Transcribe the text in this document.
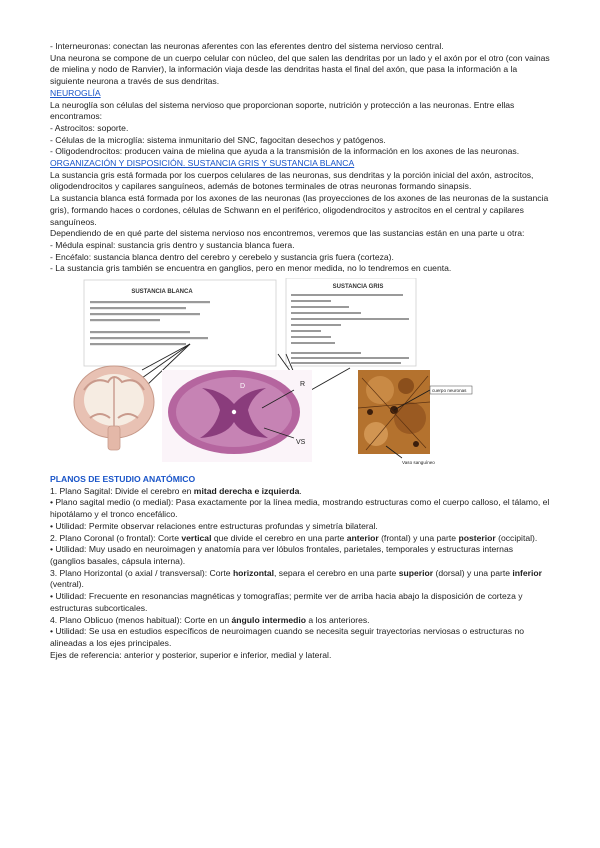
- Interneuronas: conectan las neuronas aferentes con las eferentes dentro del sistema nervioso central.

Una neurona se compone de un cuerpo celular con núcleo, del que salen las dendritas por un lado y el axón por el otro (con vainas de mielina y nodo de Ranvier), la información viaja desde las dendritas hasta el final del axón, que pasa la información a la siguiente neurona a través de sus dendritas.

NEUROGLÍA

La neuroglía son células del sistema nervioso que proporcionan soporte, nutrición y protección a las neuronas. Entre ellas encontramos:

- Astrocitos: soporte.

- Células de la microglía: sistema inmunitario del SNC, fagocitan desechos y patógenos.

- Oligodendrocitos: producen vaina de mielina que ayuda a la transmisión de la información en los axones de las neuronas.

ORGANIZACIÓN Y DISPOSICIÓN. SUSTANCIA GRIS Y SUSTANCIA BLANCA

La sustancia gris está formada por los cuerpos celulares de las neuronas, sus dendritas y la porción inicial del axón, astrocitos, oligodendrocitos y capilares sanguíneos, además de botones terminales de otras neuronas formando sinapsis.

La sustancia blanca está formada por los axones de las neuronas (las proyecciones de los axones de las neuronas de la sustancia gris), formando haces o cordones, células de Schwann en el periférico, oligodendrocitos y astrocitos en el central y capilares sanguíneos.

Dependiendo de en qué parte del sistema nervioso nos encontremos, veremos que las sustancias están en una parte u otra:

- Médula espinal: sustancia gris dentro y sustancia blanca fuera.

- Encéfalo: sustancia blanca dentro del cerebro y cerebelo y sustancia gris fuera (corteza).

- La sustancia gris también se encuentra en ganglios, pero en menor medida, no lo tendremos en cuenta.

SUSTANCIA BLANCA
SUSTANCIA GRIS
D	R
VS
cuerpo neuronas
Vaso sanguíneo

PLANOS DE ESTUDIO ANATÓMICO

1. Plano Sagital: Divide el cerebro en mitad derecha e izquierda.

• Plano sagital medio (o medial): Pasa exactamente por la línea media, mostrando estructuras como el cuerpo calloso, el tálamo, el hipotálamo y el tronco encefálico.

• Utilidad: Permite observar relaciones entre estructuras profundas y simetría bilateral.

2. Plano Coronal (o frontal): Corte vertical que divide el cerebro en una parte anterior (frontal) y una parte posterior (occipital).

• Utilidad: Muy usado en neuroimagen y anatomía para ver lóbulos frontales, parietales, temporales y estructuras internas (ganglios basales, cápsula interna).

3. Plano Horizontal (o axial / transversal): Corte horizontal, separa el cerebro en una parte superior (dorsal) y una parte inferior (ventral).

• Utilidad: Frecuente en resonancias magnéticas y tomografías; permite ver de arriba hacia abajo la disposición de corteza y estructuras subcorticales.

4. Plano Oblicuo (menos habitual): Corte en un ángulo intermedio a los anteriores.

• Utilidad: Se usa en estudios específicos de neuroimagen cuando se necesita seguir trayectorias nerviosas o estructuras no alineadas a los ejes principales.

Ejes de referencia: anterior y posterior, superior e inferior, medial y lateral.
